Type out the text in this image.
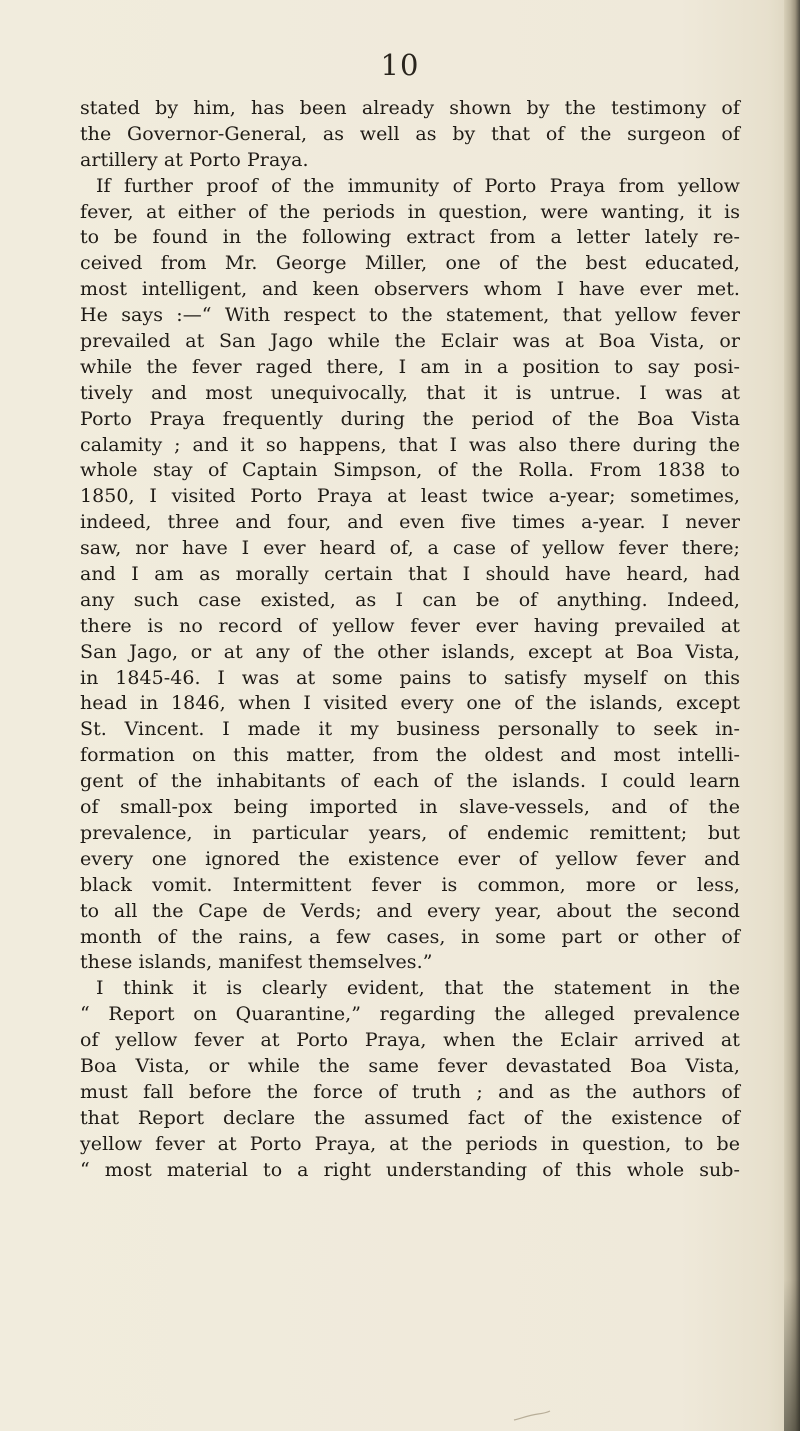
10
stated by him, has been already shown by the testimony of
the Governor-General, as well as by that of the surgeon of
artillery at Porto Praya.
If further proof of the immunity of Porto Praya from yellow
fever, at either of the periods in question, were wanting, it is
to be found in the following extract from a letter lately re-
ceived from Mr. George Miller, one of the best educated,
most intelligent, and keen observers whom I have ever met.
He says :—“ With respect to the statement, that yellow fever
prevailed at San Jago while the Eclair was at Boa Vista, or
while the fever raged there, I am in a position to say posi-
tively and most unequivocally, that it is untrue. I was at
Porto Praya frequently during the period of the Boa Vista
calamity ; and it so happens, that I was also there during the
whole stay of Captain Simpson, of the Rolla. From 1838 to
1850, I visited Porto Praya at least twice a-year; sometimes,
indeed, three and four, and even five times a-year. I never
saw, nor have I ever heard of, a case of yellow fever there;
and I am as morally certain that I should have heard, had
any such case existed, as I can be of anything. Indeed,
there is no record of yellow fever ever having prevailed at
San Jago, or at any of the other islands, except at Boa Vista,
in 1845-46. I was at some pains to satisfy myself on this
head in 1846, when I visited every one of the islands, except
St. Vincent. I made it my business personally to seek in-
formation on this matter, from the oldest and most intelli-
gent of the inhabitants of each of the islands. I could learn
of small-pox being imported in slave-vessels, and of the
prevalence, in particular years, of endemic remittent; but
every one ignored the existence ever of yellow fever and
black vomit. Intermittent fever is common, more or less,
to all the Cape de Verds; and every year, about the second
month of the rains, a few cases, in some part or other of
these islands, manifest themselves.”
I think it is clearly evident, that the statement in the
“ Report on Quarantine,” regarding the alleged prevalence
of yellow fever at Porto Praya, when the Eclair arrived at
Boa Vista, or while the same fever devastated Boa Vista,
must fall before the force of truth ; and as the authors of
that Report declare the assumed fact of the existence of
yellow fever at Porto Praya, at the periods in question, to be
“ most material to a right understanding of this whole sub-
